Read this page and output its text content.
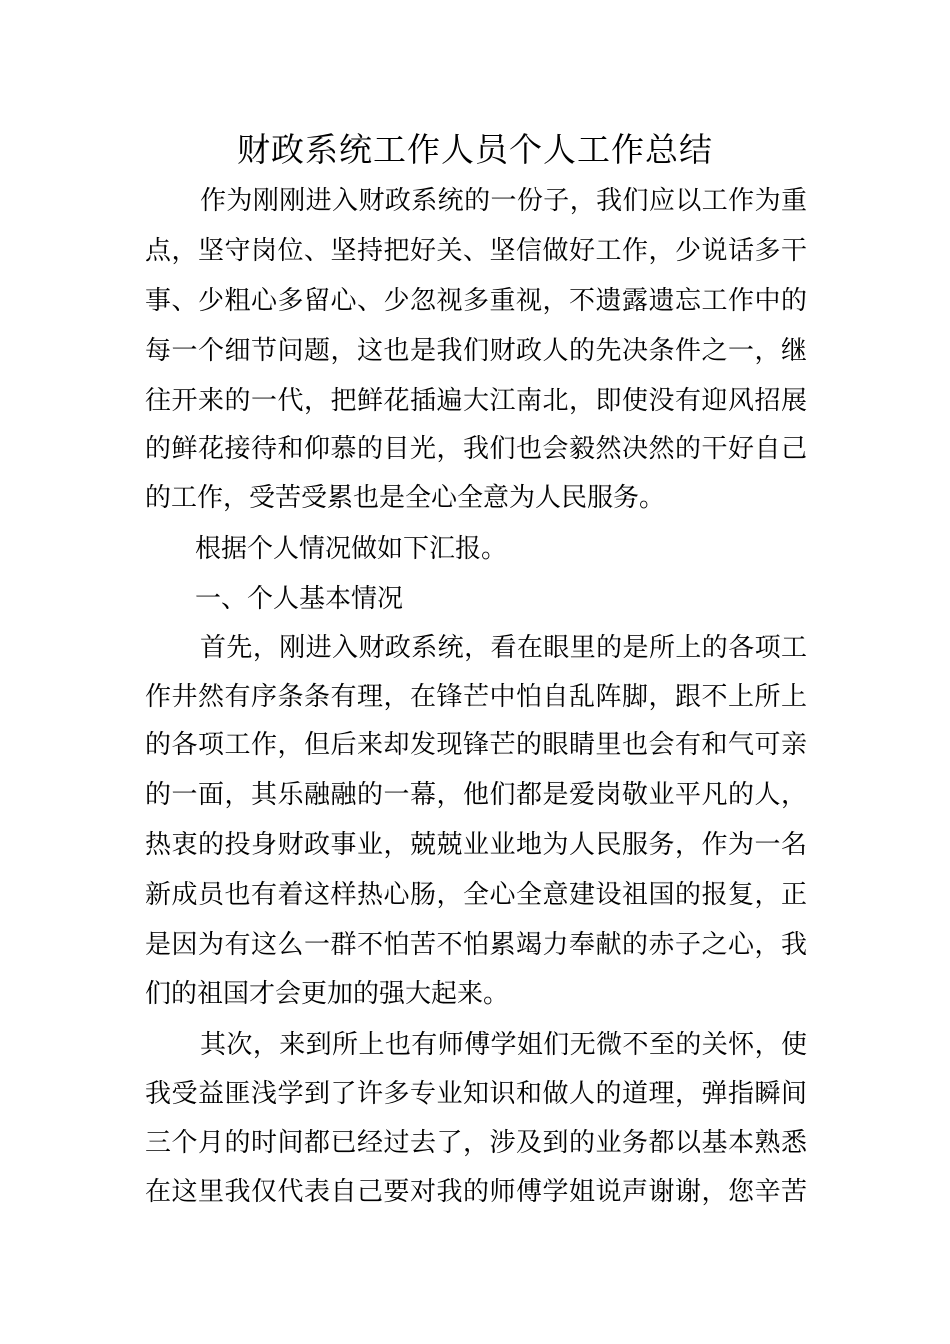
财政系统工作人员个人工作总结

作为刚刚进入财政系统的一份子，我们应以工作为重

点，坚守岗位、坚持把好关、坚信做好工作，少说话多干

事、少粗心多留心、少忽视多重视，不遗露遗忘工作中的

每一个细节问题，这也是我们财政人的先决条件之一，继

往开来的一代，把鲜花插遍大江南北，即使没有迎风招展

的鲜花接待和仰慕的目光，我们也会毅然决然的干好自己

的工作，受苦受累也是全心全意为人民服务。

根据个人情况做如下汇报。

一、个人基本情况

首先，刚进入财政系统，看在眼里的是所上的各项工

作井然有序条条有理，在锋芒中怕自乱阵脚，跟不上所上

的各项工作，但后来却发现锋芒的眼睛里也会有和气可亲

的一面，其乐融融的一幕，他们都是爱岗敬业平凡的人，

热衷的投身财政事业，兢兢业业地为人民服务，作为一名

新成员也有着这样热心肠，全心全意建设祖国的报复，正

是因为有这么一群不怕苦不怕累竭力奉献的赤子之心，我

们的祖国才会更加的强大起来。

其次，来到所上也有师傅学姐们无微不至的关怀，使

我受益匪浅学到了许多专业知识和做人的道理，弹指瞬间

三个月的时间都已经过去了，涉及到的业务都以基本熟悉

在这里我仅代表自己要对我的师傅学姐说声谢谢，您辛苦
